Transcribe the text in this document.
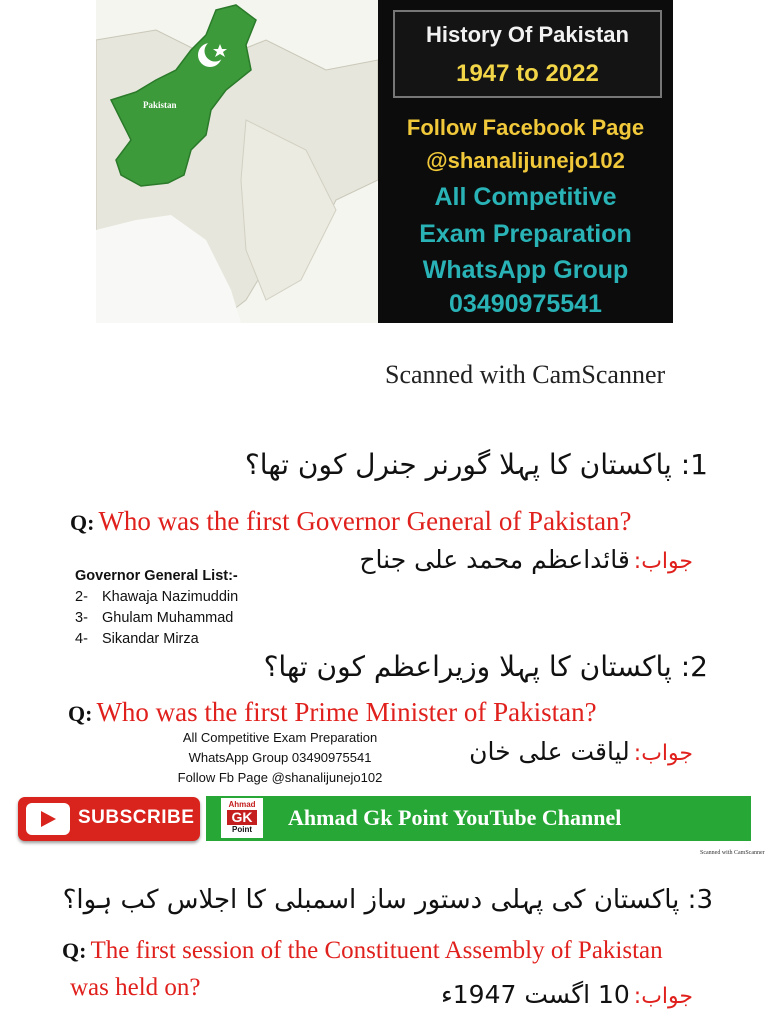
Pakistan
History Of Pakistan
1947 to 2022
Follow Facebook Page
@shanalijunejo102
All Competitive
Exam Preparation
WhatsApp Group
03490975541
Scanned with CamScanner
1: پاکستان کا پہلا گورنر جنرل کون تھا؟
Q: Who was the first Governor General of Pakistan?
جواب: قائداعظم محمد علی جناح
Governor General List:-
2- Khawaja Nazimuddin
3- Ghulam Muhammad
4- Sikandar Mirza
2: پاکستان کا پہلا وزیراعظم کون تھا؟
Q: Who was the first Prime Minister of Pakistan?
جواب: لیاقت علی خان
All Competitive Exam Preparation
WhatsApp Group 03490975541
Follow Fb Page @shanalijunejo102
SUBSCRIBE
Ahmad
GK
Point	Ahmad Gk Point YouTube Channel
Scanned with CamScanner
3: پاکستان کی پہلی دستور ساز اسمبلی کا اجلاس کب ہوا؟
Q: The first session of the Constituent Assembly of Pakistan
was held on?	جواب: 10 اگست 1947ء
